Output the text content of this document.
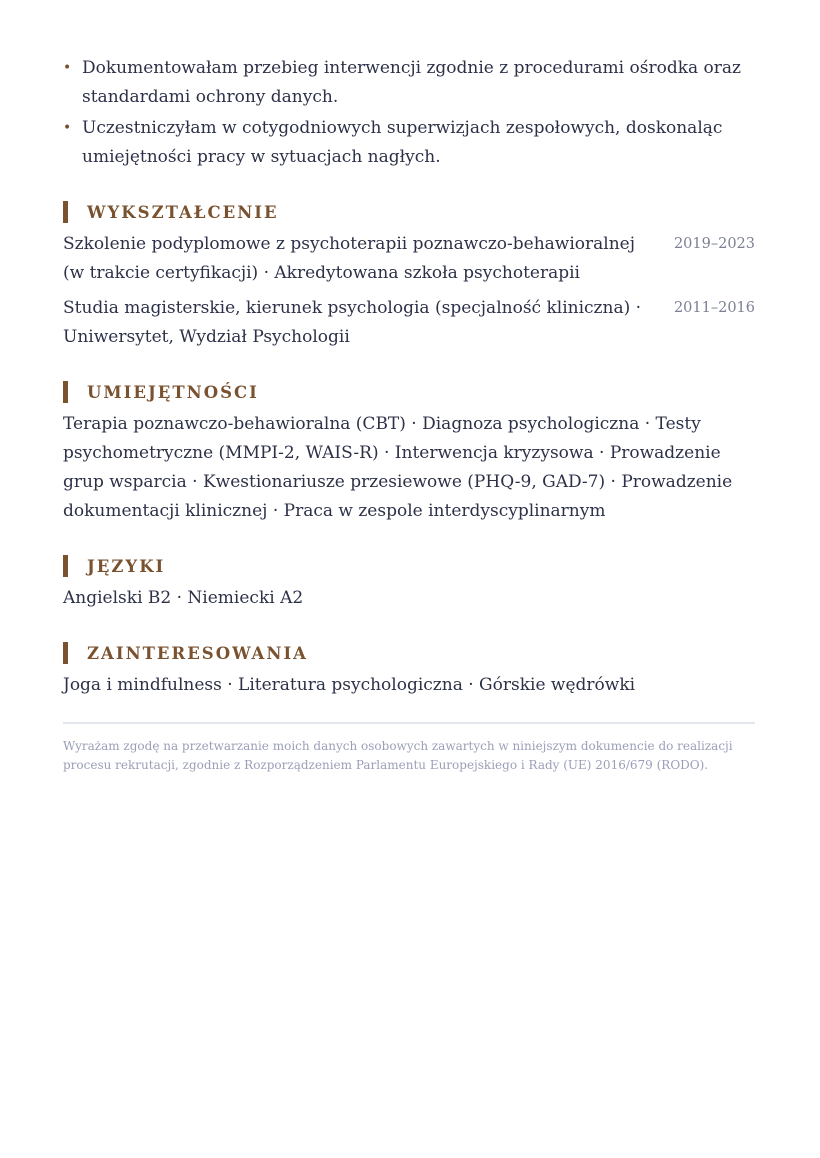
• Dokumentowałam przebieg interwencji zgodnie z procedurami ośrodka oraz standardami ochrony danych.
• Uczestniczyłam w cotygodniowych superwizjach zespołowych, doskonaląc umiejętności pracy w sytuacjach nagłych.
WYKSZTAŁCENIE
Szkolenie podyplomowe z psychoterapii poznawczo-behawioralnej (w trakcie certyfikacji) · Akredytowana szkoła psychoterapii
2019–2023
Studia magisterskie, kierunek psychologia (specjalność kliniczna) · Uniwersytet, Wydział Psychologii
2011–2016
UMIEJĘTNOŚCI

Terapia poznawczo-behawioralna (CBT) · Diagnoza psychologiczna · Testy psychometryczne (MMPI-2, WAIS-R) · Interwencja kryzysowa · Prowadzenie grup wsparcia · Kwestionariusze przesiewowe (PHQ-9, GAD-7) · Prowadzenie dokumentacji klinicznej · Praca w zespole interdyscyplinarnym

JĘZYKI

Angielski B2 · Niemiecki A2

ZAINTERESOWANIA

Joga i mindfulness · Literatura psychologiczna · Górskie wędrówki

Wyrażam zgodę na przetwarzanie moich danych osobowych zawartych w niniejszym dokumencie do realizacji procesu rekrutacji, zgodnie z Rozporządzeniem Parlamentu Europejskiego i Rady (UE) 2016/679 (RODO).
